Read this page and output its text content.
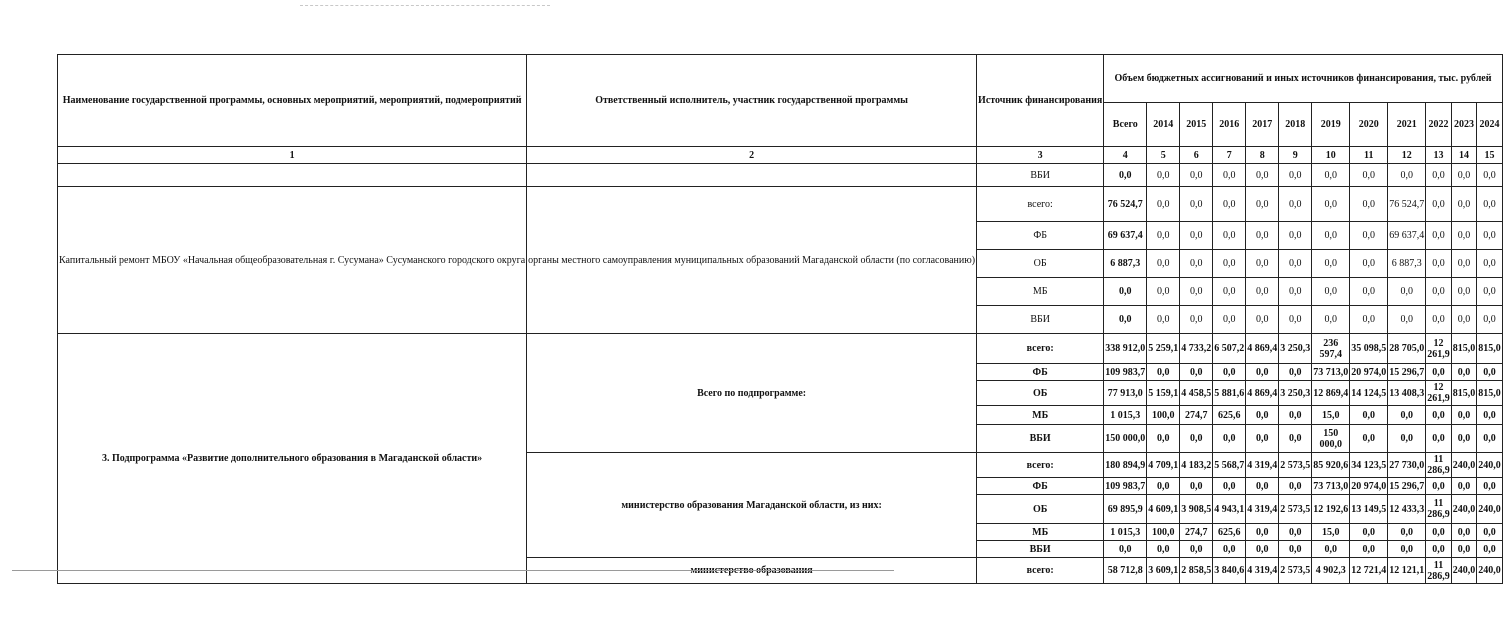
Наименование государственной программы, основных мероприятий, мероприятий, подмероприятий	Ответственный исполнитель, участник государственной программы	Источник финансирования	Объем бюджетных ассигнований и иных источников финансирования, тыс. рублей											
			Всего	2014	2015	2016	2017	2018	2019	2020	2021	2022	2023	2024
1	2	3	4	5	6	7	8	9	10	11	12	13	14	15
		ВБИ	0,0	0,0	0,0	0,0	0,0	0,0	0,0	0,0	0,0	0,0	0,0	0,0
Капитальный ремонт МБОУ «Начальная общеобразовательная г. Сусумана» Сусуманского городского округа	органы местного самоуправления муниципальных образований Магаданской области (по согласованию)	всего:	76 524,7	0,0	0,0	0,0	0,0	0,0	0,0	0,0	76 524,7	0,0	0,0	0,0
		ФБ	69 637,4	0,0	0,0	0,0	0,0	0,0	0,0	0,0	69 637,4	0,0	0,0	0,0
		ОБ	6 887,3	0,0	0,0	0,0	0,0	0,0	0,0	0,0	6 887,3	0,0	0,0	0,0
		МБ	0,0	0,0	0,0	0,0	0,0	0,0	0,0	0,0	0,0	0,0	0,0	0,0
		ВБИ	0,0	0,0	0,0	0,0	0,0	0,0	0,0	0,0	0,0	0,0	0,0	0,0
3. Подпрограмма «Развитие дополнительного образования в Магаданской области»	Всего по подпрограмме:	всего:	338 912,0	5 259,1	4 733,2	6 507,2	4 869,4	3 250,3	236 597,4	35 098,5	28 705,0	12 261,9	815,0	815,0
		ФБ	109 983,7	0,0	0,0	0,0	0,0	0,0	73 713,0	20 974,0	15 296,7	0,0	0,0	0,0
		ОБ	77 913,0	5 159,1	4 458,5	5 881,6	4 869,4	3 250,3	12 869,4	14 124,5	13 408,3	12 261,9	815,0	815,0
		МБ	1 015,3	100,0	274,7	625,6	0,0	0,0	15,0	0,0	0,0	0,0	0,0	0,0
		ВБИ	150 000,0	0,0	0,0	0,0	0,0	0,0	150 000,0	0,0	0,0	0,0	0,0	0,0
	министерство образования Магаданской области, из них:	всего:	180 894,9	4 709,1	4 183,2	5 568,7	4 319,4	2 573,5	85 920,6	34 123,5	27 730,0	11 286,9	240,0	240,0
		ФБ	109 983,7	0,0	0,0	0,0	0,0	0,0	73 713,0	20 974,0	15 296,7	0,0	0,0	0,0
		ОБ	69 895,9	4 609,1	3 908,5	4 943,1	4 319,4	2 573,5	12 192,6	13 149,5	12 433,3	11 286,9	240,0	240,0
		МБ	1 015,3	100,0	274,7	625,6	0,0	0,0	15,0	0,0	0,0	0,0	0,0	0,0
		ВБИ	0,0	0,0	0,0	0,0	0,0	0,0	0,0	0,0	0,0	0,0	0,0	0,0
	министерство образования	всего:	58 712,8	3 609,1	2 858,5	3 840,6	4 319,4	2 573,5	4 902,3	12 721,4	12 121,1	11 286,9	240,0	240,0
